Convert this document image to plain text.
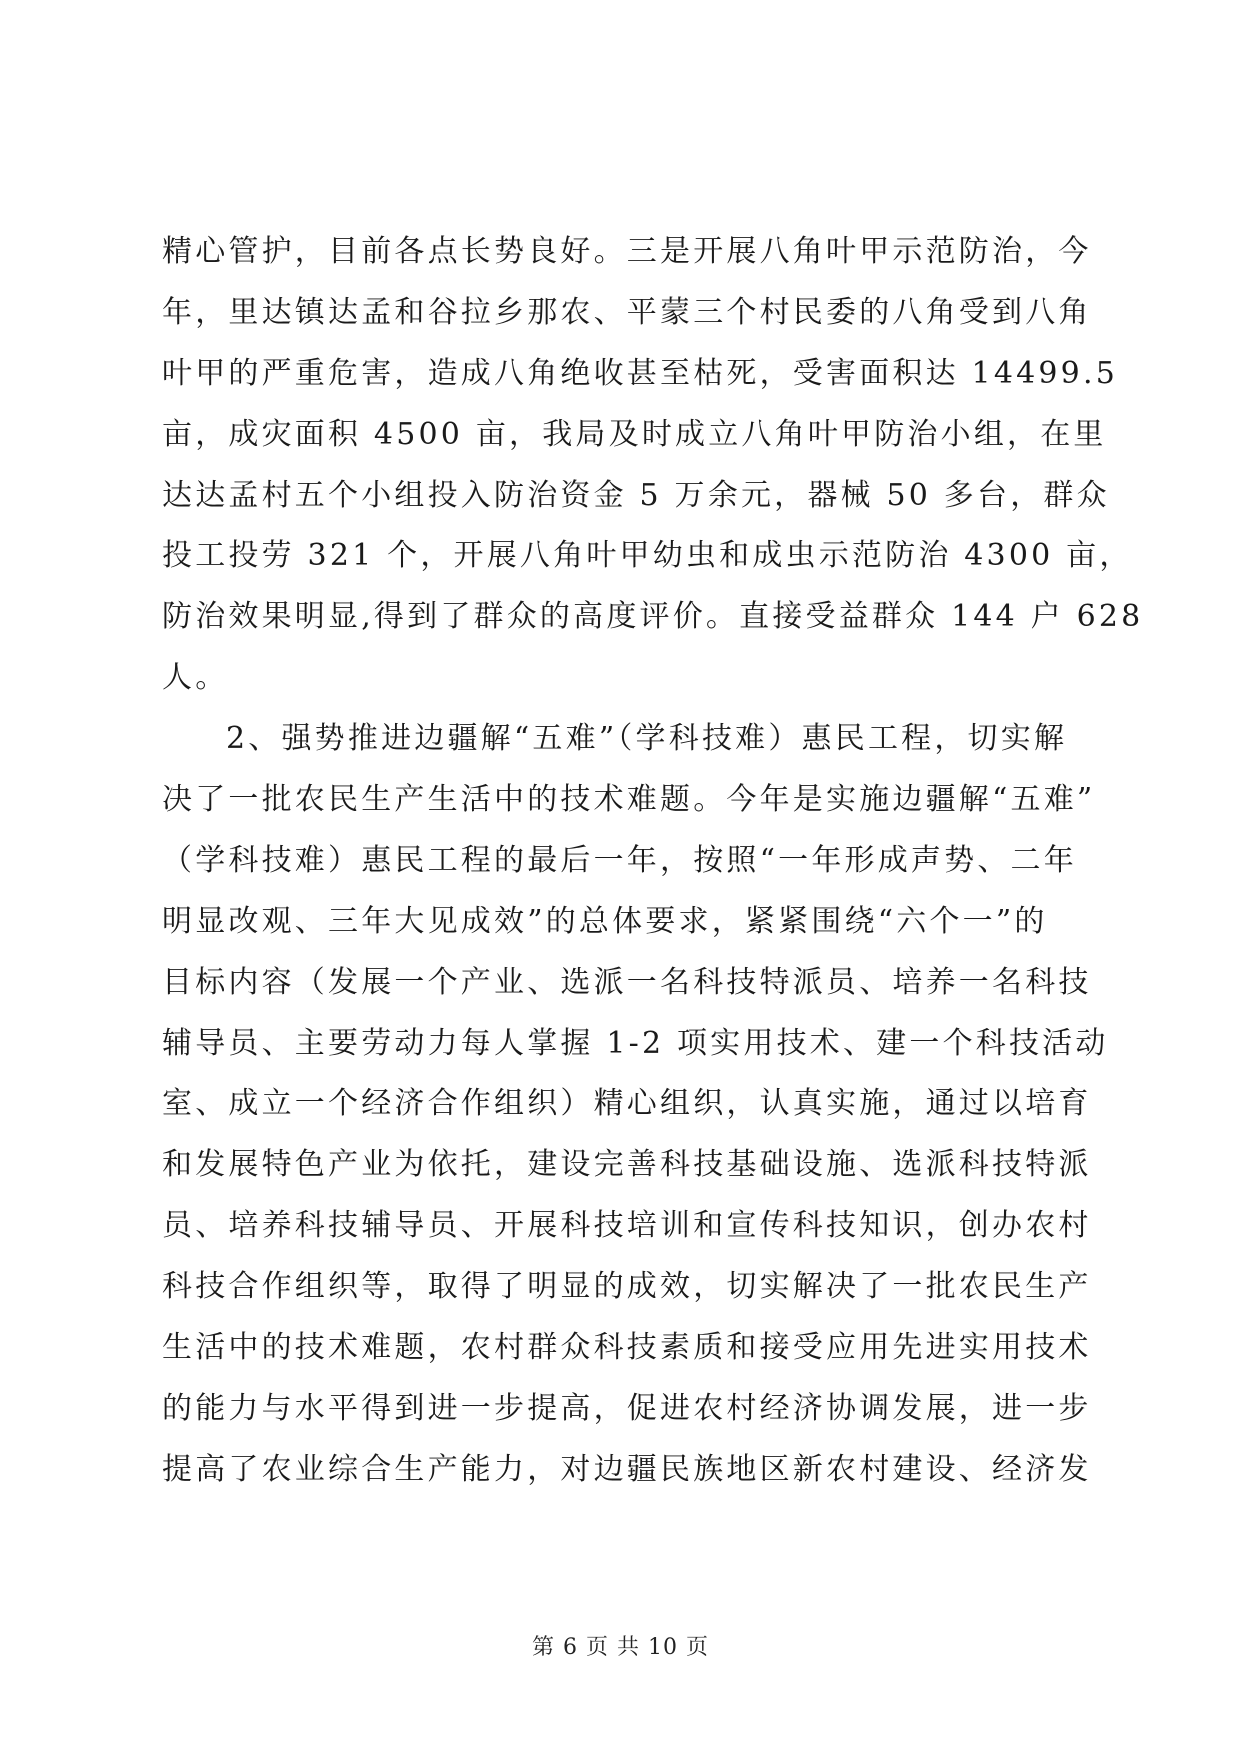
精心管护，目前各点长势良好。三是开展八角叶甲示范防治，今
年，里达镇达孟和谷拉乡那农、平蒙三个村民委的八角受到八角
叶甲的严重危害，造成八角绝收甚至枯死，受害面积达 14499.5
亩，成灾面积 4500 亩，我局及时成立八角叶甲防治小组，在里
达达孟村五个小组投入防治资金 5 万余元，器械 50 多台，群众
投工投劳 321 个，开展八角叶甲幼虫和成虫示范防治 4300 亩，
防治效果明显,得到了群众的高度评价。直接受益群众 144 户 628
人。
2、强势推进边疆解“五难”（学科技难）惠民工程，切实解
决了一批农民生产生活中的技术难题。今年是实施边疆解“五难”
（学科技难）惠民工程的最后一年，按照“一年形成声势、二年
明显改观、三年大见成效”的总体要求，紧紧围绕“六个一”的
目标内容（发展一个产业、选派一名科技特派员、培养一名科技
辅导员、主要劳动力每人掌握 1-2 项实用技术、建一个科技活动
室、成立一个经济合作组织）精心组织，认真实施，通过以培育
和发展特色产业为依托，建设完善科技基础设施、选派科技特派
员、培养科技辅导员、开展科技培训和宣传科技知识，创办农村
科技合作组织等，取得了明显的成效，切实解决了一批农民生产
生活中的技术难题，农村群众科技素质和接受应用先进实用技术
的能力与水平得到进一步提高，促进农村经济协调发展，进一步
提高了农业综合生产能力，对边疆民族地区新农村建设、经济发
第 6 页 共 10 页
